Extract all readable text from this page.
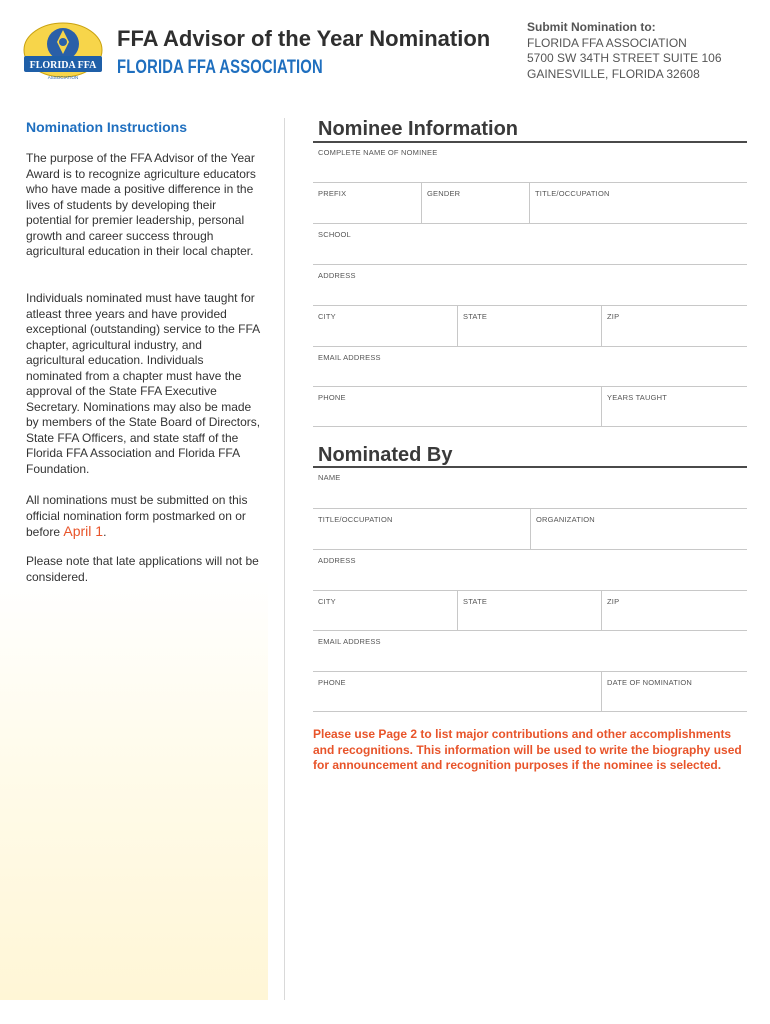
FLORIDA FFA
ASSOCIATION
FFA Advisor of the Year Nomination
FLORIDA FFA ASSOCIATION
Submit Nomination to:
FLORIDA FFA ASSOCIATION
5700 SW 34TH STREET SUITE 106
GAINESVILLE, FLORIDA 32608
Nomination Instructions
The purpose of the FFA Advisor of the Year Award is to recognize agriculture educators who have made a positive difference in the lives of students by developing their potential for premier leadership, personal growth and career success through agricultural education in their local chapter.
Individuals nominated must have taught for atleast three years and have provided exceptional (outstanding) service to the FFA chapter, agricultural industry, and agricultural education. Individuals nominated from a chapter must have the approval of the State FFA Executive Secretary. Nominations may also be made by members of the State Board of Directors, State FFA Officers, and state staff of the Florida FFA Association and Florida FFA Foundation.
All nominations must be submitted on this official nomination form postmarked on or before April 1.
Please note that late applications will not be considered.
Nominee Information
COMPLETE NAME OF NOMINEE
PREFIX	GENDER	TITLE/OCCUPATION
SCHOOL
ADDRESS
CITY	STATE	ZIP
EMAIL ADDRESS
PHONE	YEARS TAUGHT
Nominated By
NAME
TITLE/OCCUPATION	ORGANIZATION
ADDRESS
CITY	STATE	ZIP
EMAIL ADDRESS
PHONE	DATE OF NOMINATION
Please use Page 2 to list major contributions and other accomplishments and recognitions. This information will be used to write the biography used for announcement and recognition purposes if the nominee is selected.
